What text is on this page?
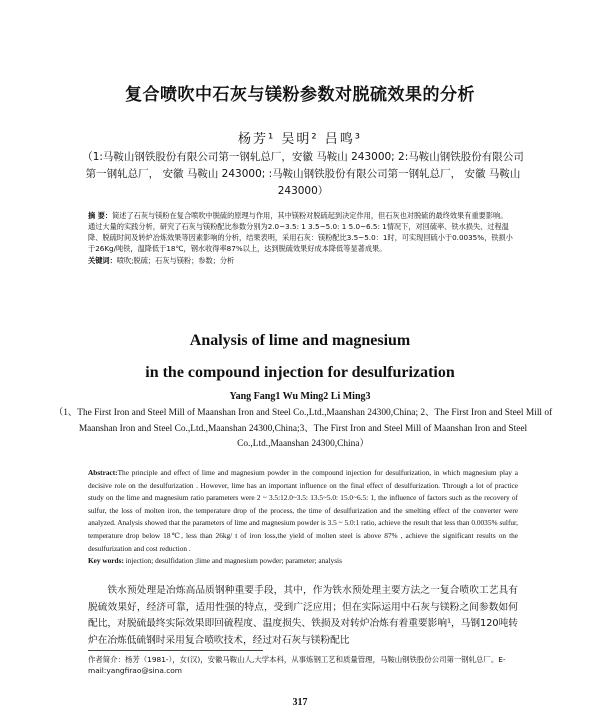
复合喷吹中石灰与镁粉参数对脱硫效果的分析
杨芳¹ 吴明² 吕鸣³
（1:马鞍山钢铁股份有限公司第一钢轧总厂，安徽 马鞍山 243000; 2:马鞍山钢铁股份有限公司第一钢轧总厂， 安徽 马鞍山 243000; :马鞍山钢铁股份有限公司第一钢轧总厂， 安徽 马鞍山 243000）
摘 要：简述了石灰与镁粉在复合喷吹中脱硫的原理与作用，其中镁粉对脱硫起到决定作用，但石灰也对脱硫的最终效果有重要影响。通过大量的实践分析，研究了石灰与镁粉配比参数分别为2.0~3.5: 1 3.5~5.0: 1 5.0~6.5: 1情况下，对回硫率、铁水损失、过程温降、脱硫时间及转炉冶炼效果等因素影响的分析，结果表明，采用石灰：镁粉配比3.5~5.0：1时，可实现回硫小于0.0035%，铁损小于26Kg/吨铁，温降低于18℃，钢水收得率87%以上，达到脱硫效果好成本降低等显著成果。
关键词：喷吹;脱硫；石灰与镁粉；参数；分析
Analysis of lime and magnesium
in the compound injection for desulfurization
Yang Fang1 Wu Ming2 Li Ming3
（1、The First Iron and Steel Mill of Maanshan Iron and Steel Co.,Ltd.,Maanshan 24300,China; 2、The First Iron and Steel Mill of Maanshan Iron and Steel Co.,Ltd.,Maanshan 24300,China;3、The First Iron and Steel Mill of Maanshan Iron and Steel Co.,Ltd.,Maanshan 24300,China）
Abstract:The principle and effect of lime and magnesium powder in the compound injection for desulfurization, in which magnesium play a decisive role on the desulfurization . However, lime has an important influence on the final effect of desulfurization. Through a lot of practice study on the lime and magnesium ratio parameters were 2 ~ 3.5:12.0~3.5: 13.5~5.0: 15.0~6.5: 1, the influence of factors such as the recovery of sulfur, the loss of molten iron, the temperature drop of the process, the time of desulfurization and the smelting effect of the converter were analyzed. Analysis showed that the parameters of lime and magnesium powder is 3.5 ~ 5.0:1 ratio, achieve the result that less than 0.0035% sulfur, temperature drop below 18℃, less than 26kg/ t of iron loss,the yield of molten steel is above 87% , achieve the significant results on the desulfurization and cost reduction .
Key words: injection; desulfidation ;lime and magnesium powder; parameter; analysis
铁水预处理是冶炼高品质钢种重要手段，其中，作为铁水预处理主要方法之一复合喷吹工艺具有脱硫效果好，经济可靠，适用性强的特点，受到广泛应用；但在实际运用中石灰与镁粉之间参数如何配比，对脱硫最终实际效果即回硫程度、温度损失、铁损及对转炉冶炼有着重要影响¹，马钢120吨转炉在冶炼低硫钢时采用复合喷吹技术，经过对石灰与镁粉配比
作者简介：杨芳（1981-），女(汉)，安徽马鞍山人,大学本科，从事炼钢工艺和质量管理，马鞍山钢铁股份公司第一钢轧总厂。E-mail:yangfirao@sina.com
317
